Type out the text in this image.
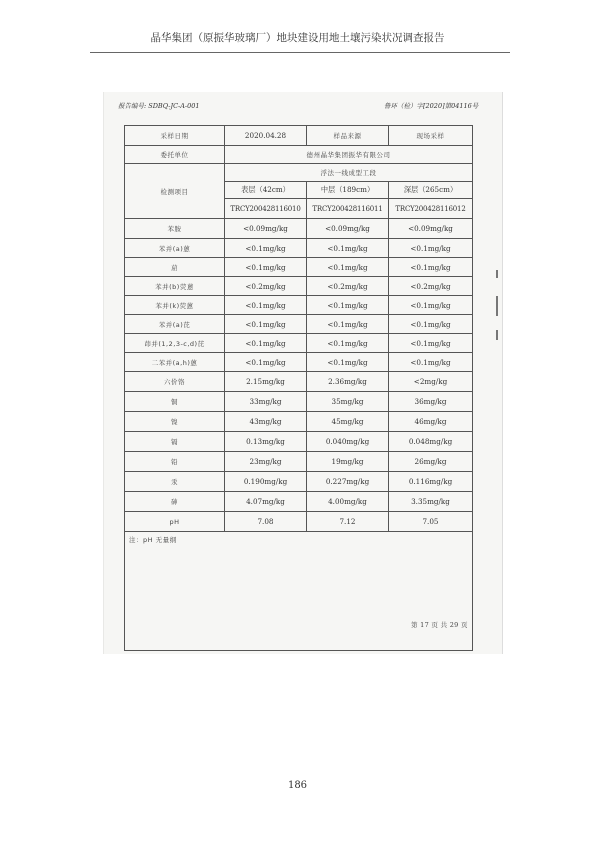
晶华集团（原振华玻璃厂）地块建设用地土壤污染状况调查报告
报告编号: SDBQ-JC-A-001	鲁环（检）字[2020]第04116号
采样日期	2020.04.28	样品来源	现场采样
委托单位	德州晶华集团振华有限公司		
检测项目	浮法一线成型工段		
	表层（42cm）	中层（189cm）	深层（265cm）
	TRCY200428116010	TRCY200428116011	TRCY200428116012
苯胺	<0.09mg/kg	<0.09mg/kg	<0.09mg/kg
苯并(a)蒽	<0.1mg/kg	<0.1mg/kg	<0.1mg/kg
䓛	<0.1mg/kg	<0.1mg/kg	<0.1mg/kg
苯并(b)荧蒽	<0.2mg/kg	<0.2mg/kg	<0.2mg/kg
苯并(k)荧蒽	<0.1mg/kg	<0.1mg/kg	<0.1mg/kg
苯并(a)芘	<0.1mg/kg	<0.1mg/kg	<0.1mg/kg
茚并(1,2,3-c,d)芘	<0.1mg/kg	<0.1mg/kg	<0.1mg/kg
二苯并(a,h)蒽	<0.1mg/kg	<0.1mg/kg	<0.1mg/kg
六价铬	2.15mg/kg	2.36mg/kg	<2mg/kg
铜	33mg/kg	35mg/kg	36mg/kg
镍	43mg/kg	45mg/kg	46mg/kg
镉	0.13mg/kg	0.040mg/kg	0.048mg/kg
铅	23mg/kg	19mg/kg	26mg/kg
汞	0.190mg/kg	0.227mg/kg	0.116mg/kg
砷	4.07mg/kg	4.00mg/kg	3.35mg/kg
pH	7.08	7.12	7.05
注：pH 无量纲			
第 17 页 共 29 页
186
